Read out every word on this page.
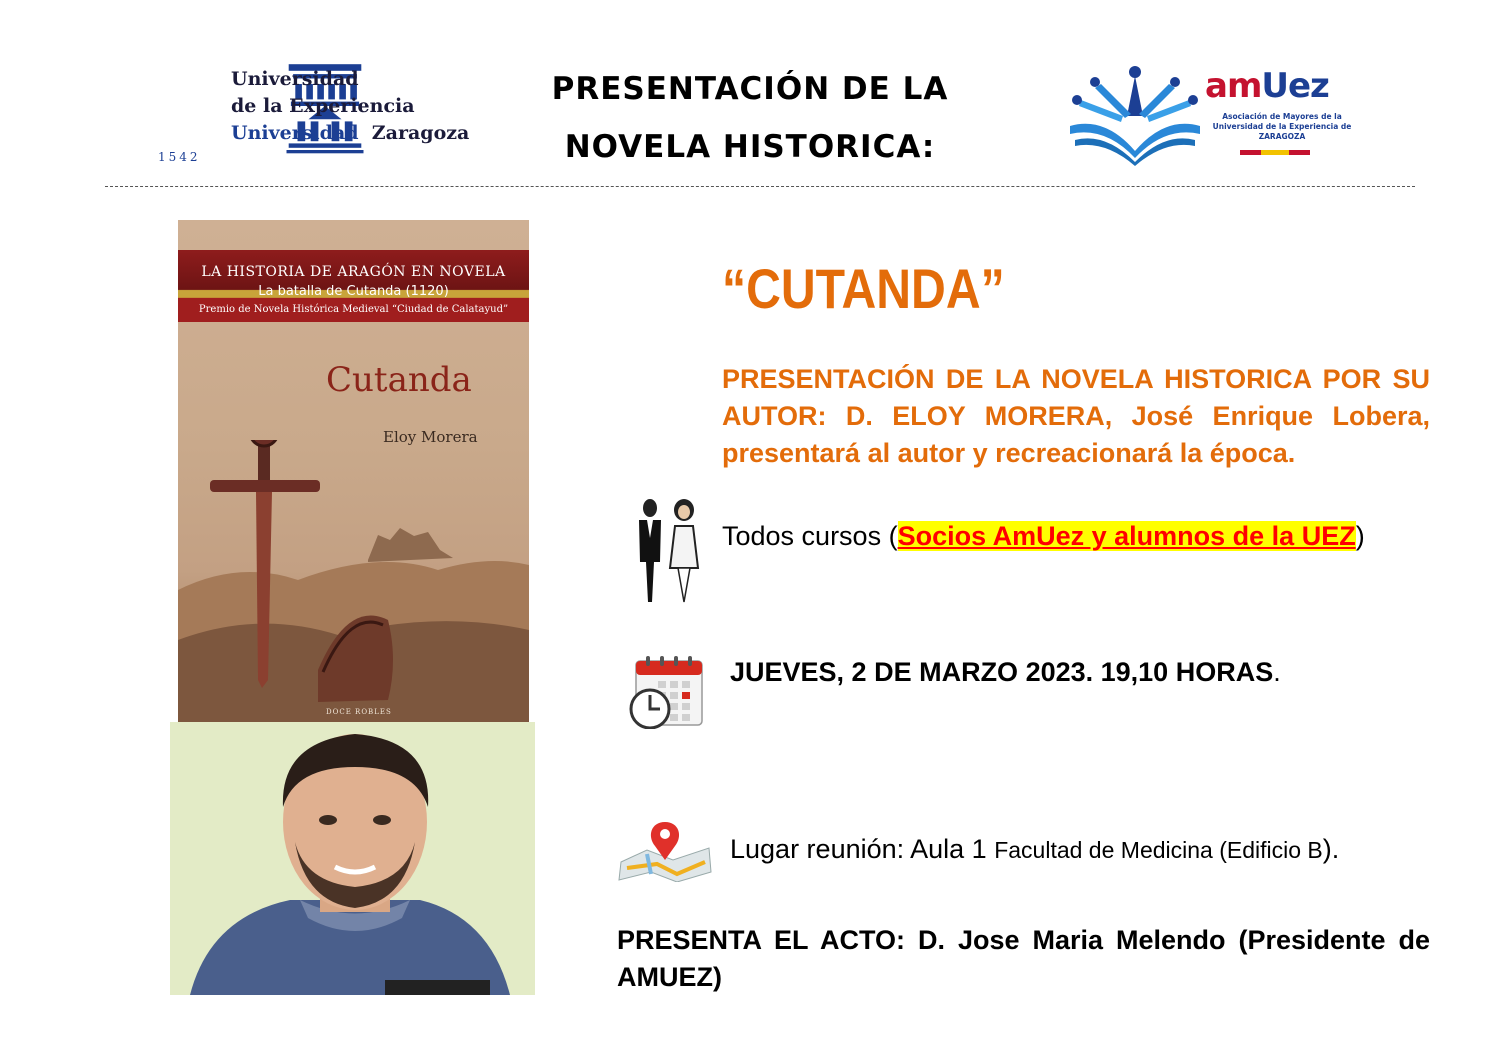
Universidad
de la Experiencia
Universidad Zaragoza
1542
PRESENTACIÓN DE LA
NOVELA HISTORICA:
amUez
Asociación de Mayores de la
Universidad de la Experiencia de
ZARAGOZA
LA HISTORIA DE ARAGÓN EN NOVELA
La batalla de Cutanda (1120)
Premio de Novela Histórica Medieval “Ciudad de Calatayud”
Cutanda
Eloy Morera
DOCE ROBLES
“CUTANDA”
PRESENTACIÓN DE LA NOVELA HISTORICA POR SU AUTOR: D. ELOY MORERA, José Enrique Lobera, presentará al autor y recreacionará la época.
Todos cursos (Socios AmUez y alumnos de la UEZ)
JUEVES, 2 DE MARZO 2023. 19,10 HORAS.
Lugar reunión: Aula 1 Facultad de Medicina (Edificio B).
PRESENTA EL ACTO: D. Jose Maria Melendo (Presidente de AMUEZ)
